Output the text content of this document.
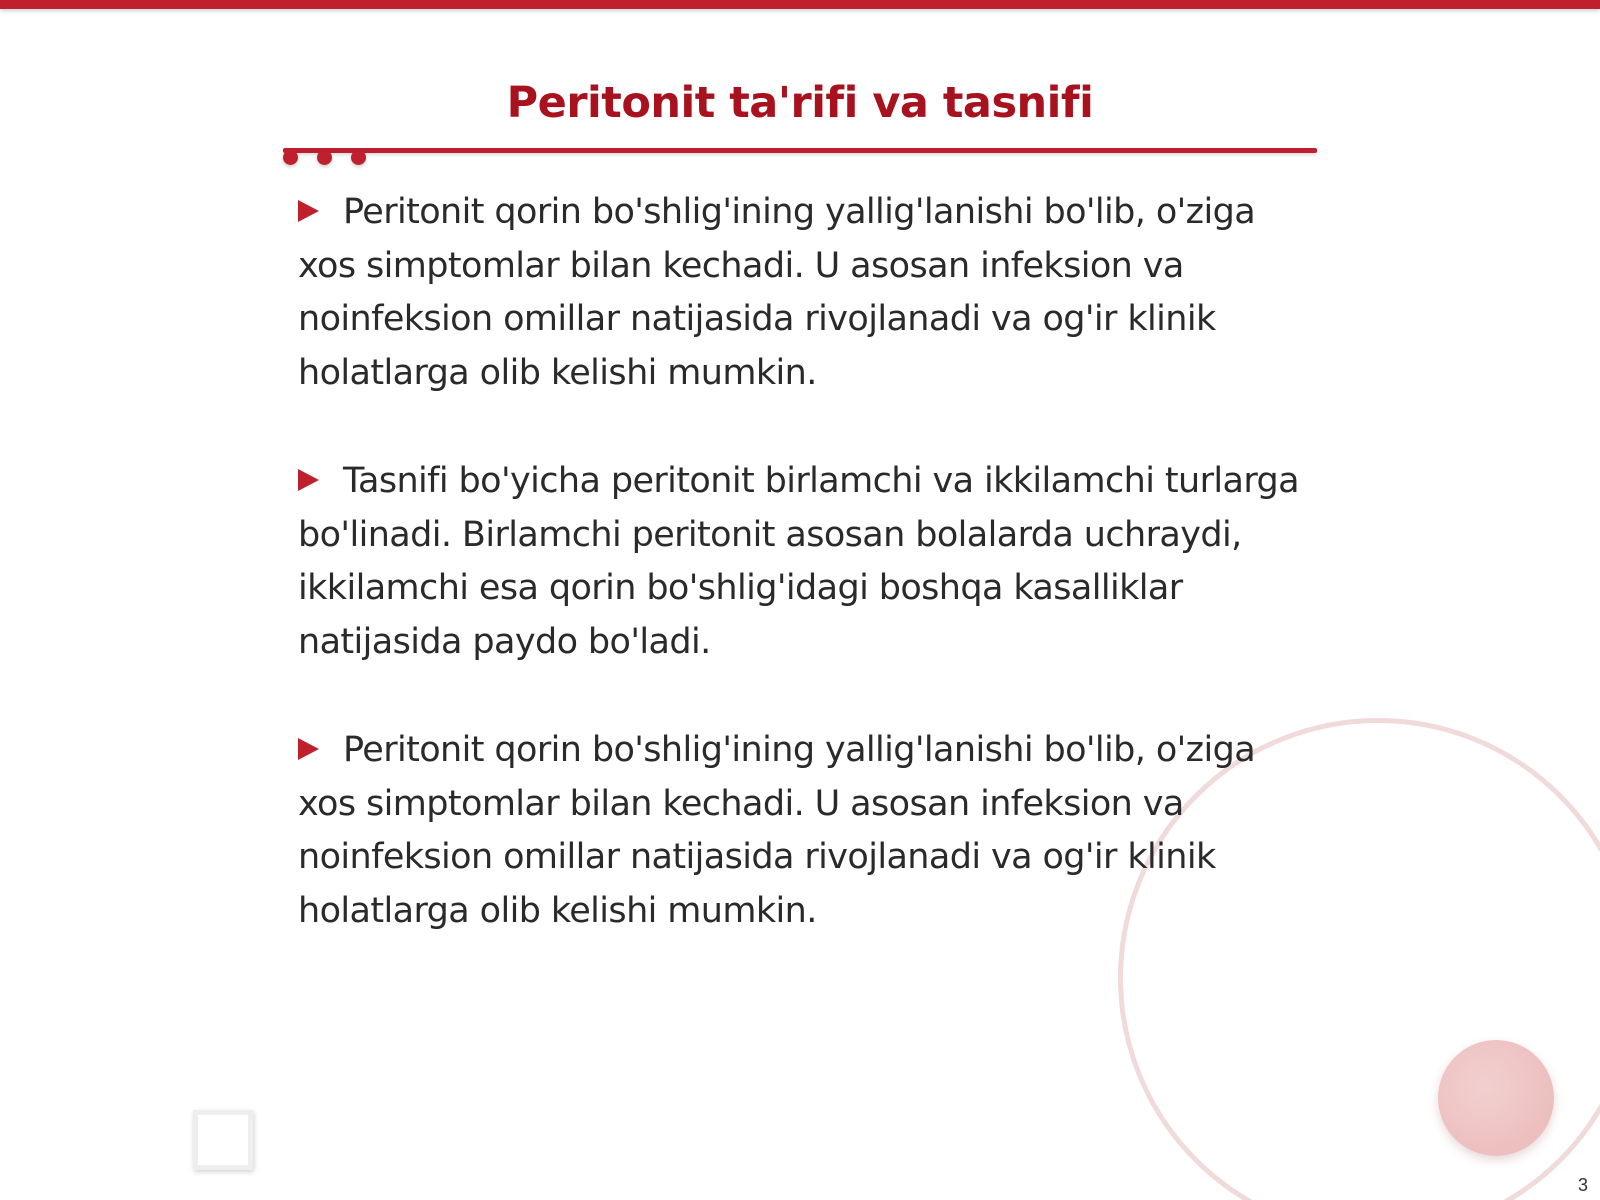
Peritonit ta'rifi va tasnifi

Peritonit qorin bo'shlig'ining yallig'lanishi bo'lib, o'ziga xos simptomlar bilan kechadi. U asosan infeksion va noinfeksion omillar natijasida rivojlanadi va og'ir klinik holatlarga olib kelishi mumkin.

Tasnifi bo'yicha peritonit birlamchi va ikkilamchi turlarga bo'linadi. Birlamchi peritonit asosan bolalarda uchraydi, ikkilamchi esa qorin bo'shlig'idagi boshqa kasalliklar natijasida paydo bo'ladi.

Peritonit qorin bo'shlig'ining yallig'lanishi bo'lib, o'ziga xos simptomlar bilan kechadi. U asosan infeksion va noinfeksion omillar natijasida rivojlanadi va og'ir klinik holatlarga olib kelishi mumkin.

3
